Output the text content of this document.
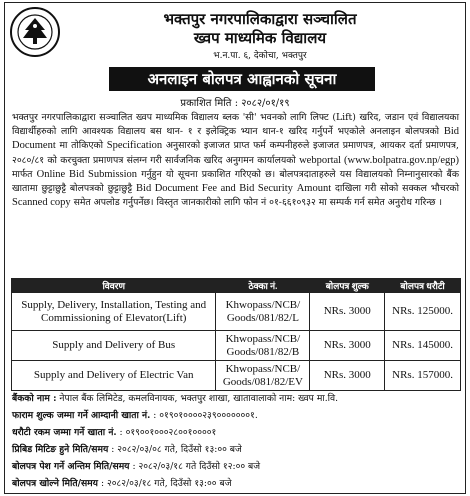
भक्तपुर नगरपालिकाद्वारा सञ्चालित
ख्वप माध्यमिक विद्यालय
भ.न.पा. ६, देकोचा, भक्तपुर
अनलाइन बोलपत्र आह्वानको सूचना
प्रकाशित मिति : २०८२/०१/१९
भक्तपुर नगरपालिकाद्वारा सञ्चालित ख्वप माध्यमिक विद्यालय ब्लक 'सी' भवनको लागि लिफ्ट (Lift) खरिद, जडान एवं विद्यालयका विद्यार्थीहरुको लागि आवश्यक विद्यालय बस थान- १ र इलेक्ट्रिक भ्यान थान-१ खरिद गर्नुपर्ने भएकोले अनलाइन बोलपत्रको Bid Document मा तोकिएको Specification अनुसारको इजाजत प्राप्त फर्म कम्पनीहरुले इजाजत प्रमाणपत्र, आयकर दर्ता प्रमाणपत्र, २०८०/८१ को करचुक्ता प्रमाणपत्र संलग्न गरी सार्वजनिक खरिद अनुगमन कार्यालयको webportal (www.bolpatra.gov.np/egp) मार्फत Online Bid Submission गर्नुहुन यो सूचना प्रकाशित गरिएको छ। बोलपत्रदाताहरुले यस विद्यालयको निम्नानुसारको बैंक खातामा छुट्टाछुट्टै बोलपत्रको छुट्टाछुट्टै Bid Document Fee and Bid Security Amount दाखिला गरी सोको सक्कल भौचरको Scanned copy समेत अपलोड गर्नुपर्नेछ। विस्तृत जानकारीको लागि फोन नं ०१-६६१०९३२ मा सम्पर्क गर्न समेत अनुरोध गरिन्छ ।
विवरण	ठेक्का नं.	बोलपत्र शुल्क	बोलपत्र धरौटी
Supply, Delivery, Installation, Testing and Commissioning of Elevator(Lift)	Khwopass/NCB/ Goods/081/82/L	NRs. 3000	NRs. 125000.
Supply and Delivery of Bus	Khwopass/NCB/ Goods/081/82/B	NRs. 3000	NRs. 145000.
Supply and Delivery of Electric Van	Khwopass/NCB/ Goods/081/82/EV	NRs. 3000	NRs. 157000.
बैंकको नाम : नेपाल बैंक लिमिटेड, कमलविनायक, भक्तपुर शाखा, खातावालाको नाम: ख्वप मा.वि.
फाराम शुल्क जम्मा गर्ने आम्दानी खाता नं. : ०१९०१००००२३९०००००००१.
धरौटी रकम जम्मा गर्ने खाता नं. : ०१९००१०००२८००१००००१
प्रिबिड मिटिङ हुने मिति/समय : २०८२/०३/०८ गते, दिउँसो १३:०० बजे
बोलपत्र पेश गर्ने अन्तिम मिति/समय : २०८२/०३/१८ गते दिउँसो १२:०० बजे
बोलपत्र खोल्ने मिति/समय : २०८२/०३/१८ गते, दिउँसो १३:०० बजे
